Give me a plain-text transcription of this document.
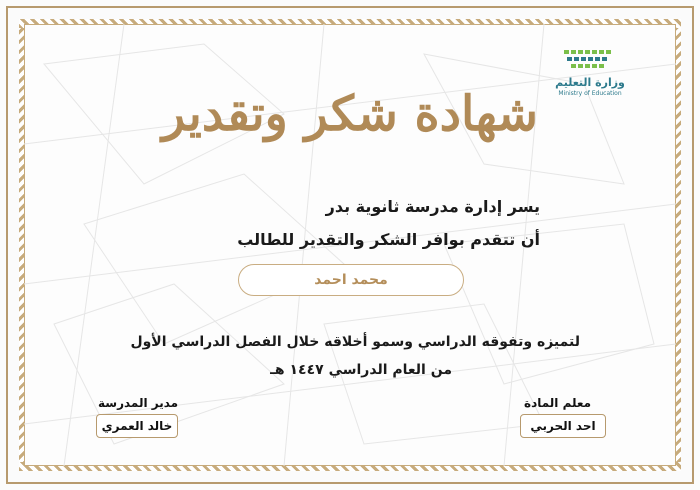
وزارة التعليم
Ministry of Education
شهادة شكر وتقدير
يسر إدارة مدرسة ثانوية بدر
أن تتقدم بوافر الشكر والتقدير للطالب
محمد احمد
لتميزه وتفوقه الدراسي وسمو أخلاقه خلال الفصل الدراسي الأول
من العام الدراسي ١٤٤٧ هـ
معلم المادة
احد الحربي
مدير المدرسة
خالد العمري
